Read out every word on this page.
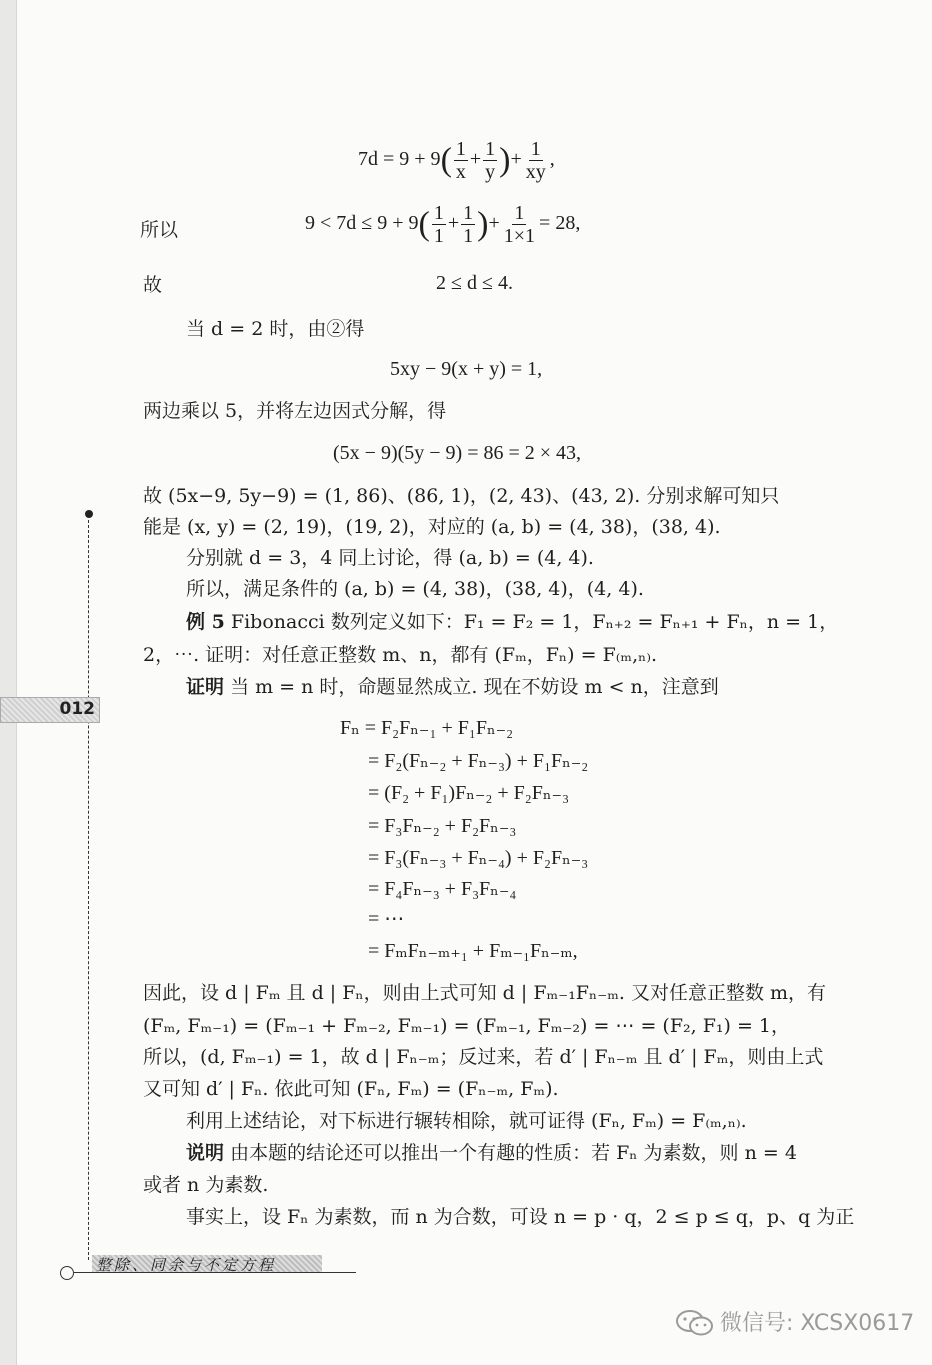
012
$7d = 9 + 9( \frac{1}{x} + \frac{1}{y}$ )+ $\frac{1}{xy}$ ,
所以	$9 < 7d \le 9 + 9( \frac{1}{1} + \frac{1}{1}$ )+ $\frac{1}{1\times 1} = 28$,
故	2 ≤ d ≤ 4.
当 d = 2 时，由②得
5xy − 9(x + y) = 1,
两边乘以 5，并将左边因式分解，得
(5x − 9)(5y − 9) = 86 = 2 × 43,
故 (5x−9, 5y−9) = (1, 86)、(86, 1)，(2, 43)、(43, 2). 分别求解可知只
能是 (x, y) = (2, 19)，(19, 2)，对应的 (a, b) = (4, 38)，(38, 4).
分别就 d = 3，4 同上讨论，得 (a, b) = (4, 4).
所以，满足条件的 (a, b) = (4, 38)，(38, 4)，(4, 4).
例 5 Fibonacci 数列定义如下：F₁ = F₂ = 1，Fₙ₊₂ = Fₙ₊₁ + Fₙ，n = 1，
2，⋯. 证明：对任意正整数 m、n，都有 (Fₘ，Fₙ) = F₍ₘ,ₙ₎.
证明 当 m = n 时，命题显然成立. 现在不妨设 m < n，注意到
Fₙ = F₂Fₙ₋₁ + F₁Fₙ₋₂
= F₂(Fₙ₋₂ + Fₙ₋₃) + F₁Fₙ₋₂
= (F₂ + F₁)Fₙ₋₂ + F₂Fₙ₋₃
= F₃Fₙ₋₂ + F₂Fₙ₋₃
= F₃(Fₙ₋₃ + Fₙ₋₄) + F₂Fₙ₋₃
= F₄Fₙ₋₃ + F₃Fₙ₋₄
= ⋯
= FₘFₙ₋ₘ₊₁ + Fₘ₋₁Fₙ₋ₘ,
因此，设 d | Fₘ 且 d | Fₙ，则由上式可知 d | Fₘ₋₁Fₙ₋ₘ. 又对任意正整数 m，有
(Fₘ, Fₘ₋₁) = (Fₘ₋₁ + Fₘ₋₂, Fₘ₋₁) = (Fₘ₋₁, Fₘ₋₂) = ⋯ = (F₂, F₁) = 1，
所以，(d, Fₘ₋₁) = 1，故 d | Fₙ₋ₘ；反过来，若 d′ | Fₙ₋ₘ 且 d′ | Fₘ，则由上式
又可知 d′ | Fₙ. 依此可知 (Fₙ, Fₘ) = (Fₙ₋ₘ, Fₘ).
利用上述结论，对下标进行辗转相除，就可证得 (Fₙ, Fₘ) = F₍ₘ,ₙ₎.
说明 由本题的结论还可以推出一个有趣的性质：若 Fₙ 为素数，则 n = 4
或者 n 为素数.
事实上，设 Fₙ 为素数，而 n 为合数，可设 n = p · q，2 ≤ p ≤ q，p、q 为正
整除、同余与不定方程
微信号: XCSX0617
